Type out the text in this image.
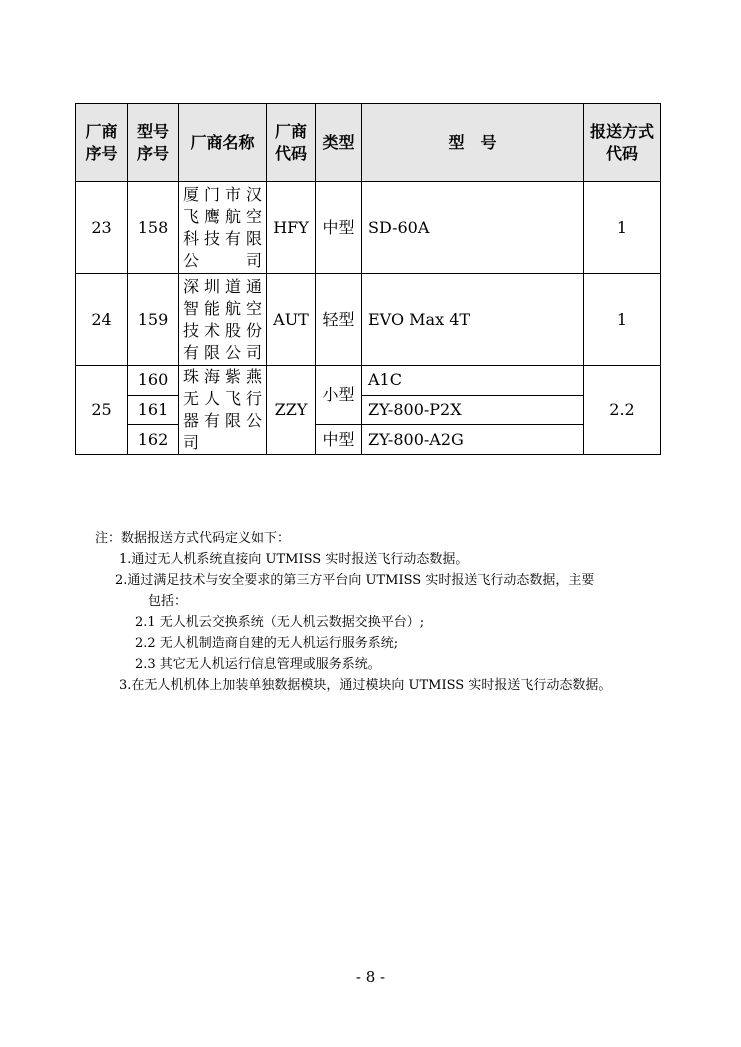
厂商序号	型号序号	厂商名称	厂商代码	类型	型　号	报送方式代码
23	158	厦门市汉飞鹰航空科技有限公司	HFY	中型	SD-60A	1
24	159	深圳道通智能航空技术股份有限公司	AUT	轻型	EVO Max 4T	1
25	160	珠海紫燕无人飞行器有限公司	ZZY	小型	A1C	2.2
	161				ZY-800-P2X	
	162			中型	ZY-800-A2G	
注：数据报送方式代码定义如下：
1.通过无人机系统直接向 UTMISS 实时报送飞行动态数据。
2.通过满足技术与安全要求的第三方平台向 UTMISS 实时报送飞行动态数据，主要
包括：
2.1 无人机云交换系统（无人机云数据交换平台）;
2.2 无人机制造商自建的无人机运行服务系统;
2.3 其它无人机运行信息管理或服务系统。
3.在无人机机体上加装单独数据模块，通过模块向 UTMISS 实时报送飞行动态数据。
- 8 -
